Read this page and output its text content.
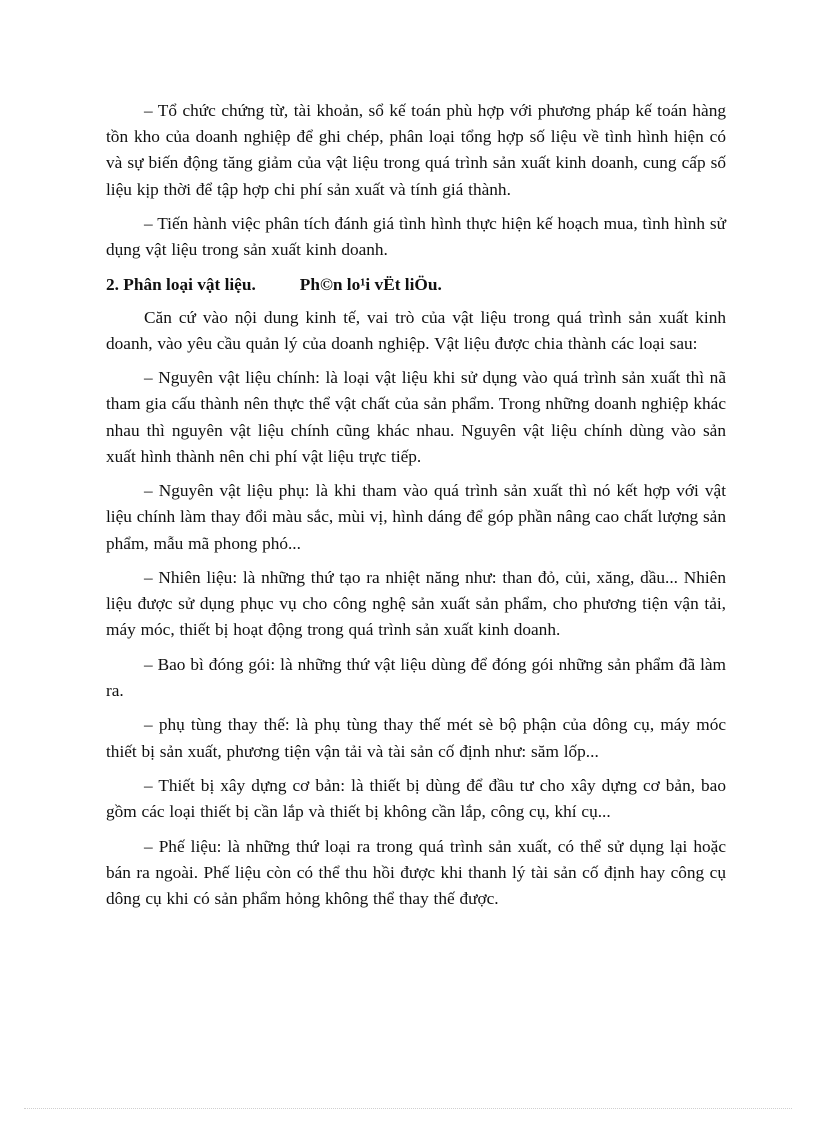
– Tổ chức chứng từ, tài khoản, sổ kế toán phù hợp với phương pháp kế toán hàng tồn kho của doanh nghiệp để ghi chép, phân loại tổng hợp số liệu về tình hình hiện có và sự biến động tăng giảm của vật liệu trong quá trình sản xuất kinh doanh, cung cấp số liệu kịp thời để tập hợp chi phí sản xuất và tính giá thành.

– Tiến hành việc phân tích đánh giá tình hình thực hiện kế hoạch mua, tình hình sử dụng vật liệu trong sản xuất kinh doanh.

2. Phân loại vật liệu.	Ph©n lo¹i vËt liÖu.

Căn cứ vào nội dung kinh tế, vai trò của vật liệu trong quá trình sản xuất kinh doanh, vào yêu cầu quản lý của doanh nghiệp. Vật liệu được chia thành các loại sau:

– Nguyên vật liệu chính: là loại vật liệu khi sử dụng vào quá trình sản xuất thì nã tham gia cấu thành nên thực thể vật chất của sản phẩm. Trong những doanh nghiệp khác nhau thì nguyên vật liệu chính cũng khác nhau. Nguyên vật liệu chính dùng vào sản xuất hình thành nên chi phí vật liệu trực tiếp.

– Nguyên vật liệu phụ: là khi tham vào quá trình sản xuất thì nó kết hợp với vật liệu chính làm thay đổi màu sắc, mùi vị, hình dáng để góp phần nâng cao chất lượng sản phẩm, mẫu mã phong phó...

– Nhiên liệu: là những thứ tạo ra nhiệt năng như: than đỏ, củi, xăng, dầu... Nhiên liệu được sử dụng phục vụ cho công nghệ sản xuất sản phẩm, cho phương tiện vận tải, máy móc, thiết bị hoạt động trong quá trình sản xuất kinh doanh.

– Bao bì đóng gói: là những thứ vật liệu dùng để đóng gói những sản phẩm đã làm ra.

– phụ tùng thay thế: là phụ tùng thay thế mét sè bộ phận của dông cụ, máy móc thiết bị sản xuất, phương tiện vận tải và tài sản cố định như: săm lốp...

– Thiết bị xây dựng cơ bản: là thiết bị dùng để đầu tư cho xây dựng cơ bản, bao gồm các loại thiết bị cần lắp và thiết bị không cần lắp, công cụ, khí cụ...

– Phế liệu: là những thứ loại ra trong quá trình sản xuất, có thể sử dụng lại hoặc bán ra ngoài. Phế liệu còn có thể thu hồi được khi thanh lý tài sản cố định hay công cụ dông cụ khi có sản phẩm hỏng không thể thay thế được.
